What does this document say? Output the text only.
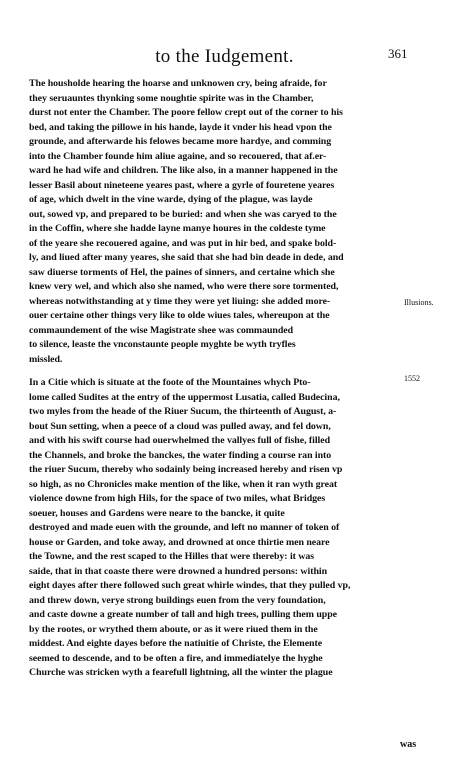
to the Iudgement.	361
The housholde hearing the hoarse and unknowen cry, being afraide, for
they seruauntes thynking some noughtie spirite was in the Chamber,
durst not enter the Chamber. The poore fellow crept out of the corner to his
bed, and taking the pillowe in his hande, layde it vnder his head vpon the
grounde, and afterwarde his felowes became more hardye, and comming
into the Chamber founde him aliue againe, and so recouered, that af.er-
ward he had wife and children. The like also, in a manner happened in the
lesser Basil about nineteene yeares past, where a gyrle of fouretene yeares
of age, which dwelt in the vine warde, dying of the plague, was layde
out, sowed vp, and prepared to be buried: and when she was caryed to the
in the Coffin, where she hadde layne manye houres in the coldeste tyme
of the yeare she recouered againe, and was put in hir bed, and spake bold-
ly, and liued after many yeares, she said that she had bin deade in dede, and
saw diuerse torments of Hel, the paines of sinners, and certaine which she
knew very wel, and which also she named, who were there sore tormented,
whereas notwithstanding at y time they were yet liuing: she added more-
ouer certaine other things very like to olde wiues tales, whereupon at the
commaundement of the wise Magistrate shee was commaunded
to silence, leaste the vnconstaunte people myghte be wyth tryfles
missled.
In a Citie which is situate at the foote of the Mountaines whych Pto-
lome called Sudites at the entry of the uppermost Lusatia, called Budecina,
two myles from the heade of the Riuer Sucum, the thirteenth of August, a-
bout Sun setting, when a peece of a cloud was pulled away, and fel down,
and with his swift course had ouerwhelmed the vallyes full of fishe, filled
the Channels, and broke the banckes, the water finding a course ran into
the riuer Sucum, thereby who sodainly being increased hereby and risen vp
so high, as no Chronicles make mention of the like, when it ran wyth great
violence downe from high Hils, for the space of two miles, what Bridges
soeuer, houses and Gardens were neare to the bancke, it quite
destroyed and made euen with the grounde, and left no manner of token of
house or Garden, and toke away, and drowned at once thirtie men neare
the Towne, and the rest scaped to the Hilles that were thereby: it was
saide, that in that coaste there were drowned a hundred persons: within
eight dayes after there followed such great whirle windes, that they pulled vp,
and threw down, verye strong buildings euen from the very foundation,
and caste downe a greate number of tall and high trees, pulling them uppe
by the rootes, or wrythed them aboute, or as it were riued them in the
middest. And eighte dayes before the natiuitie of Christe, the Elemente
seemed to descende, and to be often a fire, and immediatelye the hyghe
Churche was stricken wyth a fearefull lightning, all the winter the plague
Illusions.
1552
was
